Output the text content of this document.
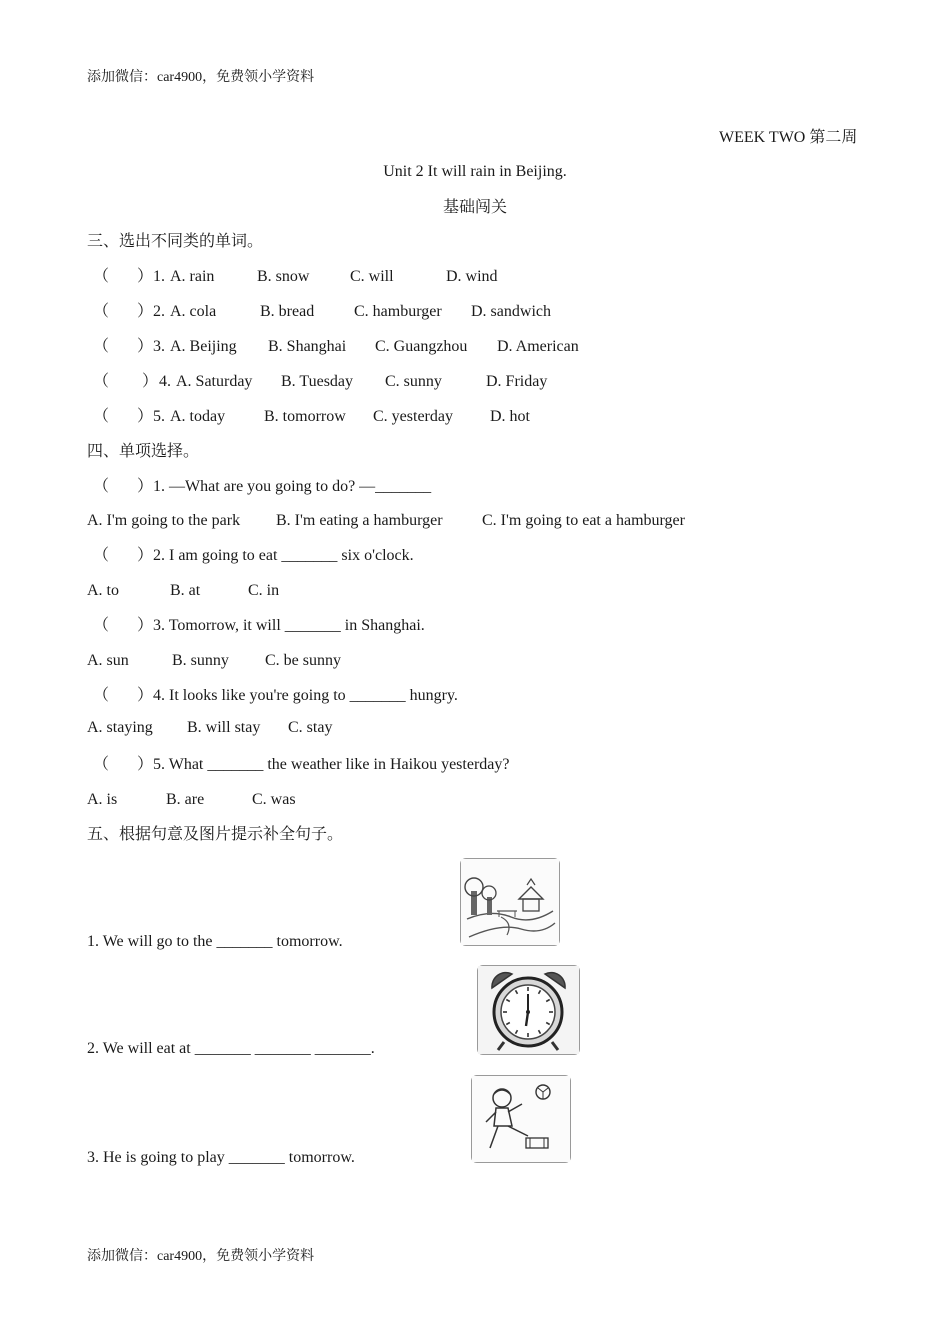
添加微信：car4900，免费领小学资料
WEEK TWO 第二周
Unit 2 It will rain in Beijing.
基础闯关
三、选出不同类的单词。
（ ） 1. A. rain	B. snow	C. will	D. wind
（ ） 2. A. cola	B. bread C. hamburger D. sandwich
（ ） 3. A. Beijing B. Shanghai C. Guangzhou D. American
（ ） 4. A. Saturday B. Tuesday C. sunny	D. Friday
（ ） 5. A. today B. tomorrow C. yesterday D. hot
四、单项选择。
（ ） 1. —What are you going to do? —_______
A. I'm going to the park B. I'm eating a hamburger C. I'm going to eat a hamburger
（ ） 2. I am going to eat _______ six o'clock.
A. to	B. at	C. in
（ ） 3. Tomorrow, it will _______ in Shanghai.
A. sun	B. sunny C. be sunny
（ ） 4. It looks like you're going to _______ hungry.
A. staying B. will stay C. stay
（ ） 5. What _______ the weather like in Haikou yesterday?
A. is	B. are	C. was
五、根据句意及图片提示补全句子。
1. We will go to the _______ tomorrow.
2. We will eat at _______ _______ _______.
3. He is going to play _______ tomorrow.
添加微信：car4900，免费领小学资料
